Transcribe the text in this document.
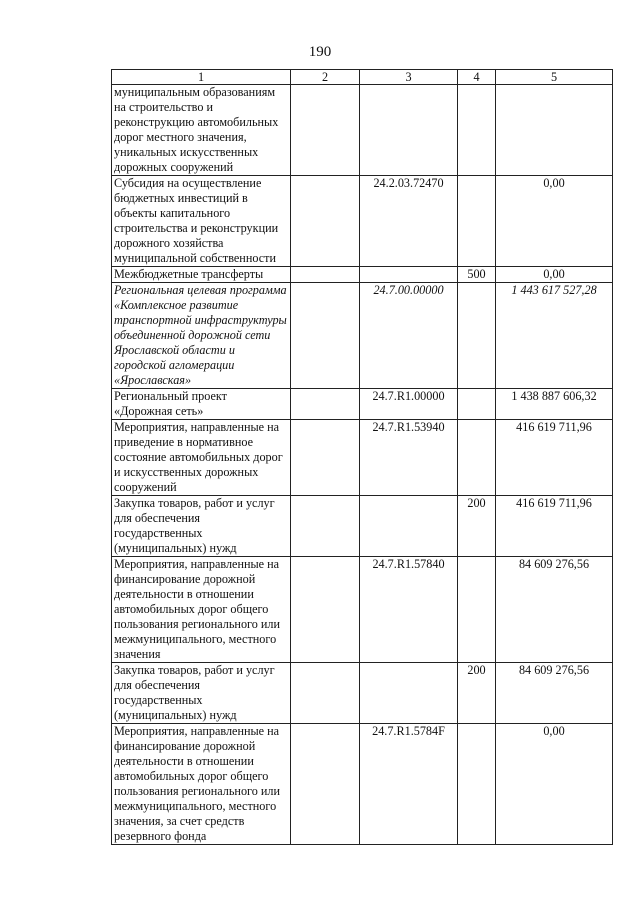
190
1	2	3	4	5
муниципальным образованиям на строительство и реконструкцию автомобильных дорог местного значения, уникальных искусственных дорожных сооружений				
Субсидия на осуществление бюджетных инвестиций в объекты капитального строительства и реконструкции дорожного хозяйства муниципальной собственности		24.2.03.72470		0,00
Межбюджетные трансферты			500	0,00
Региональная целевая программа «Комплексное развитие транспортной инфраструктуры объединенной дорожной сети Ярославской области и городской агломерации «Ярославская»		24.7.00.00000		1 443 617 527,28
Региональный проект «Дорожная сеть»		24.7.R1.00000		1 438 887 606,32
Мероприятия, направленные на приведение в нормативное состояние автомобильных дорог и искусственных дорожных сооружений		24.7.R1.53940		416 619 711,96
Закупка товаров, работ и услуг для обеспечения государственных (муниципальных) нужд			200	416 619 711,96
Мероприятия, направленные на финансирование дорожной деятельности в отношении автомобильных дорог общего пользования регионального или межмуниципального, местного значения		24.7.R1.57840		84 609 276,56
Закупка товаров, работ и услуг для обеспечения государственных (муниципальных) нужд			200	84 609 276,56
Мероприятия, направленные на финансирование дорожной деятельности в отношении автомобильных дорог общего пользования регионального или межмуниципального, местного значения, за счет средств резервного фонда		24.7.R1.5784F		0,00
